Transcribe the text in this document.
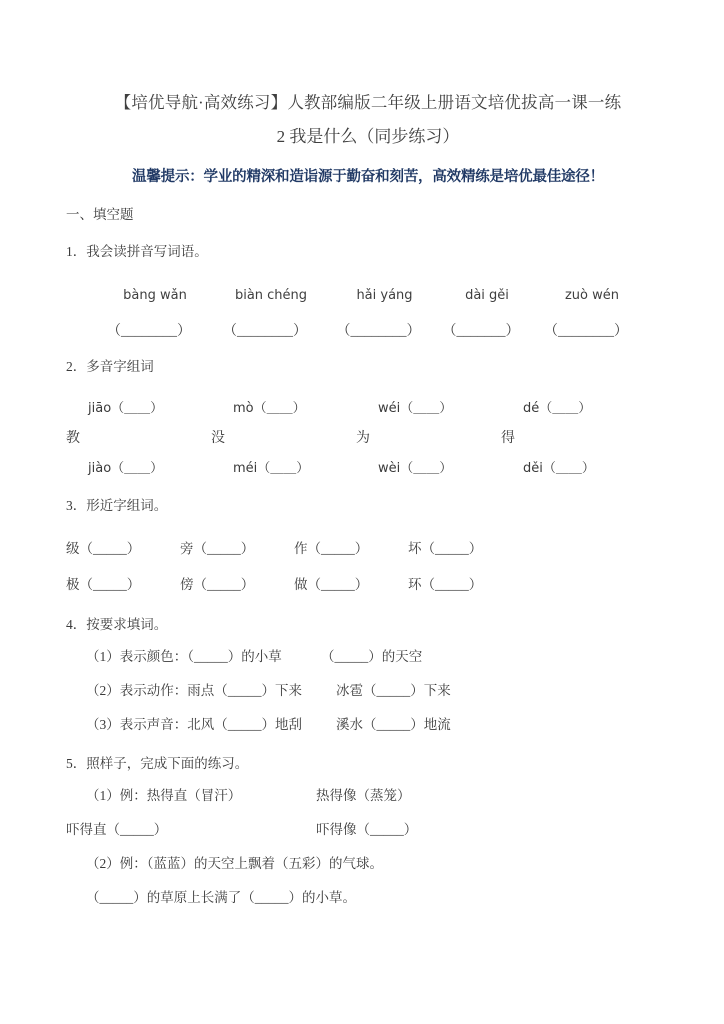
【培优导航·高效练习】人教部编版二年级上册语文培优拔高一课一练
2 我是什么（同步练习）
温馨提示：学业的精深和造诣源于勤奋和刻苦，高效精练是培优最佳途径！
一、填空题
1．我会读拼音写词语。
bàng wǎn	biàn chéng	hǎi yáng	dài gěi	zuò wén
（________）	（________）	（________）	（_______）	（________）
2．多音字组词
jiāo（＿＿）	mò（＿＿）	wéi（＿＿）	dé（＿＿）
教	没	为	得
jiào（＿＿）	méi（＿＿）	wèi（＿＿）	děi（＿＿）
3．形近字组词。
级（_____）	旁（_____）	作（_____）	坏（_____）
极（_____）	傍（_____）	做（_____）	环（_____）
4．按要求填词。
（1）表示颜色：（_____）的小草	（_____）的天空
（2）表示动作：雨点（_____）下来	冰雹（_____）下来
（3）表示声音：北风（_____）地刮	溪水（_____）地流
5．照样子，完成下面的练习。
（1）例：热得直（冒汗）	热得像（蒸笼）
吓得直（_____）	吓得像（_____）
（2）例：（蓝蓝）的天空上飘着（五彩）的气球。
（_____）的草原上长满了（_____）的小草。
